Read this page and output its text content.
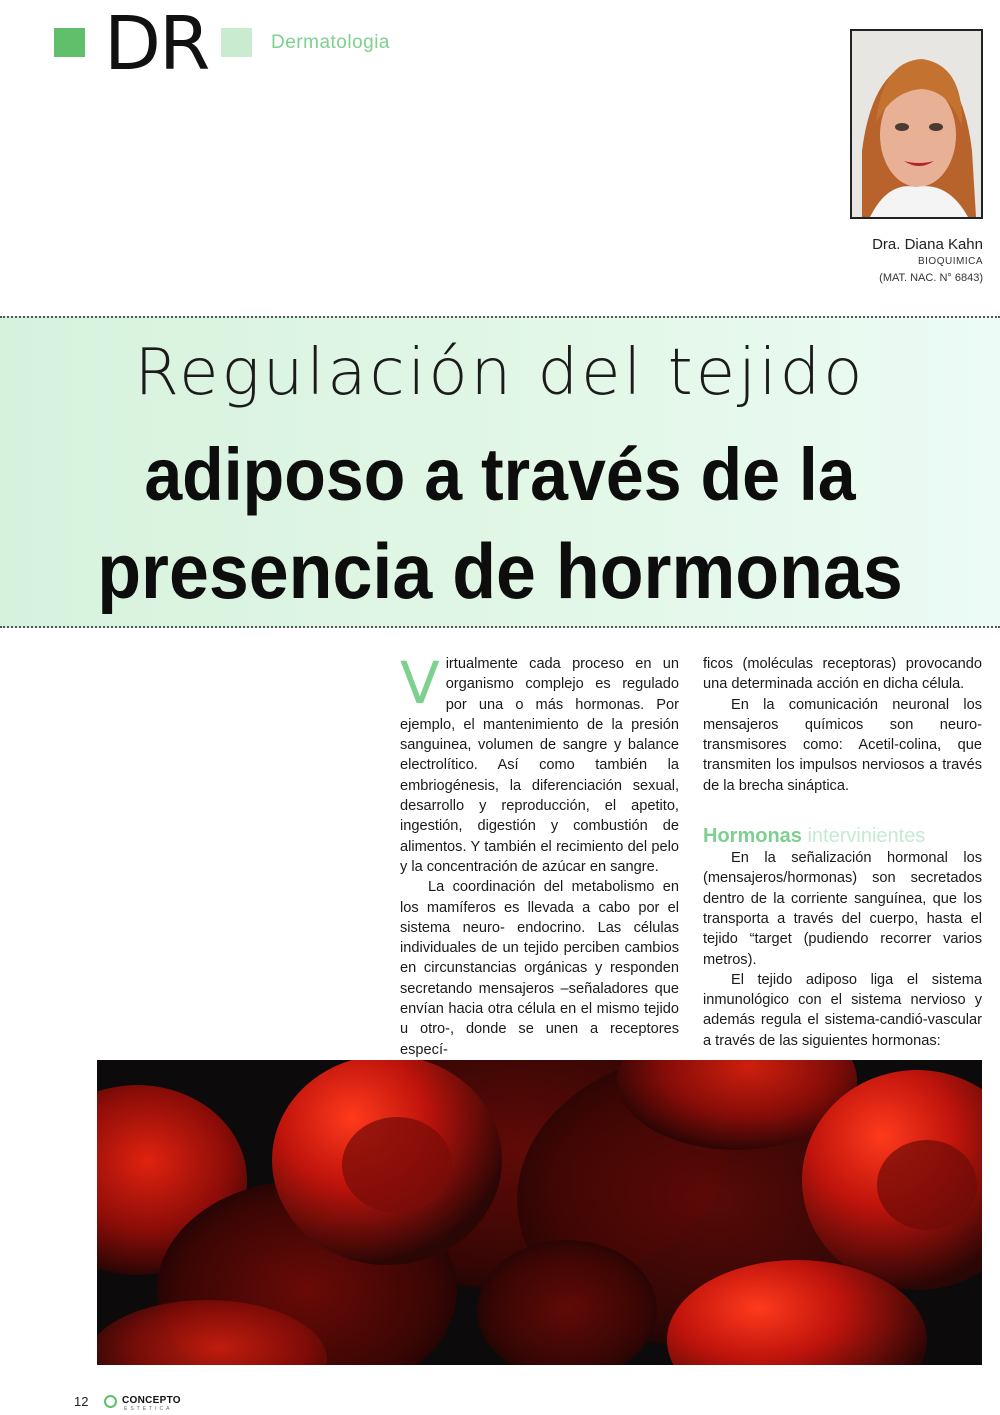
DR	Dermatologia
Dra. Diana Kahn
BIOQUIMICA
(MAT. NAC. N° 6843)
Regulación del tejido
adiposo a través de la
presencia de hormonas

Virtualmente cada proceso en un organismo complejo es regulado por una o más hormonas. Por ejemplo, el mantenimiento de la presión sanguinea, volumen de sangre y balance electrolítico. Así como también la embriogénesis, la diferenciación sexual, desarrollo y reproducción, el apetito, ingestión, digestión y combustión de alimentos. Y también el recimiento del pelo y la concentración de azúcar en sangre.

La coordinación del metabolismo en los mamíferos es llevada a cabo por el sistema neuro- endocrino. Las células individuales de un tejido perciben cambios en circunstancias orgánicas y responden secretando mensajeros –señaladores que envían hacia otra célula en el mismo tejido u otro-, donde se unen a receptores especí-

ficos (moléculas receptoras) provocando una determinada acción en dicha célula.

En la comunicación neuronal los mensajeros químicos son neuro-transmisores como: Acetil-colina, que transmiten los impulsos nerviosos a través de la brecha sináptica.

Hormonas intervinientes

En la señalización hormonal los (mensajeros/hormonas) son secretados dentro de la corriente sanguínea, que los transporta a través del cuerpo, hasta el tejido “target (pudiendo recorrer varios metros).

El tejido adiposo liga el sistema inmunológico con el sistema nervioso y además regula el sistema-candió-vascular a través de las siguientes hormonas:

12	CONCEPTO
ESTETICA
